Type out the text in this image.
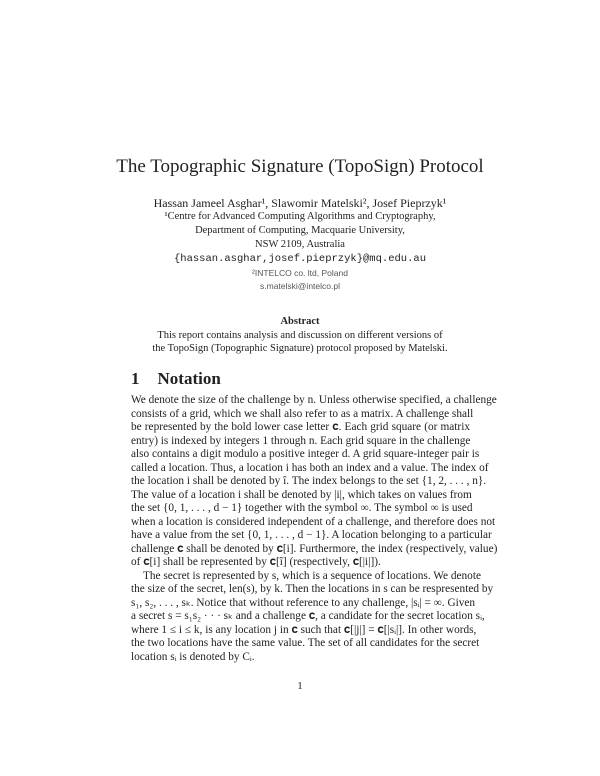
The Topographic Signature (TopoSign) Protocol
Hassan Jameel Asghar¹, Slawomir Matelski², Josef Pieprzyk¹
¹Centre for Advanced Computing Algorithms and Cryptography,
Department of Computing, Macquarie University,
NSW 2109, Australia
{hassan.asghar,josef.pieprzyk}@mq.edu.au
²INTELCO co. ltd, Poland
s.matelski@intelco.pl
Abstract
This report contains analysis and discussion on different versions of
the TopoSign (Topographic Signature) protocol proposed by Matelski.
1 Notation
We denote the size of the challenge by n. Unless otherwise specified, a challenge
consists of a grid, which we shall also refer to as a matrix. A challenge shall
be represented by the bold lower case letter 𝐜. Each grid square (or matrix
entry) is indexed by integers 1 through n. Each grid square in the challenge
also contains a digit modulo a positive integer d. A grid square-integer pair is
called a location. Thus, a location i has both an index and a value. The index of
the location i shall be denoted by î. The index belongs to the set {1, 2, . . . , n}.
The value of a location i shall be denoted by |i|, which takes on values from
the set {0, 1, . . . , d − 1} together with the symbol ∞. The symbol ∞ is used
when a location is considered independent of a challenge, and therefore does not
have a value from the set {0, 1, . . . , d − 1}. A location belonging to a particular
challenge 𝐜 shall be denoted by 𝐜[i]. Furthermore, the index (respectively, value)
of 𝐜[i] shall be represented by 𝐜[î] (respectively, 𝐜[|i|]).
The secret is represented by s, which is a sequence of locations. We denote
the size of the secret, len(s), by k. Then the locations in s can be respresented by
s₁, s₂, . . . , sₖ. Notice that without reference to any challenge, |sᵢ| = ∞. Given
a secret s = s₁s₂ · · · sₖ and a challenge 𝐜, a candidate for the secret location sᵢ,
where 1 ≤ i ≤ k, is any location j in 𝐜 such that 𝐜[|j|] = 𝐜[|sᵢ|]. In other words,
the two locations have the same value. The set of all candidates for the secret
location sᵢ is denoted by Cᵢ.
1
